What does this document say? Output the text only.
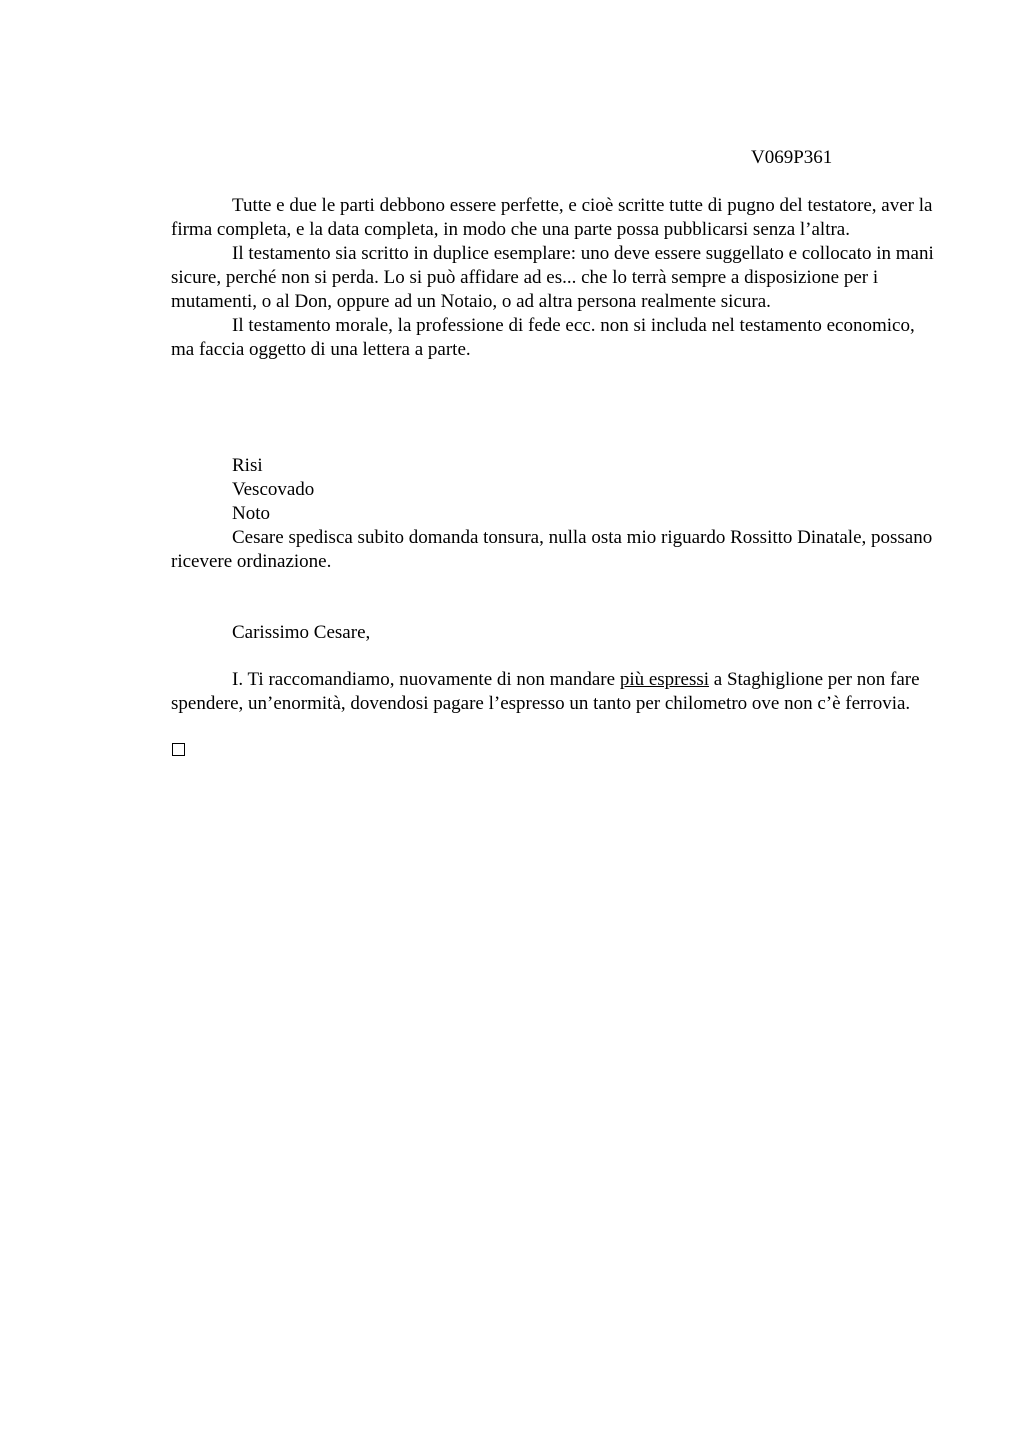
V069P361

Tutte e due le parti debbono essere perfette, e cioè scritte tutte di pugno del testatore, aver la firma completa, e la data completa, in modo che una parte possa pubblicarsi senza l’altra.

Il testamento sia scritto in duplice esemplare: uno deve essere suggellato e collocato in mani sicure, perché non si perda. Lo si può affidare ad es... che lo terrà sempre a disposizione per i mutamenti, o al Don, oppure ad un Notaio, o ad altra persona realmente sicura.

Il testamento morale, la professione di fede ecc. non si includa nel testamento economico, ma faccia oggetto di una lettera a parte.

Risi

Vescovado

Noto

Cesare spedisca subito domanda tonsura, nulla osta mio riguardo Rossitto Dinatale, possano ricevere ordinazione.

Carissimo Cesare,

I. Ti raccomandiamo, nuovamente di non mandare più espressi a Staghiglione per non fare spendere, un’enormità, dovendosi pagare l’espresso un tanto per chilometro ove non c’è ferrovia.
